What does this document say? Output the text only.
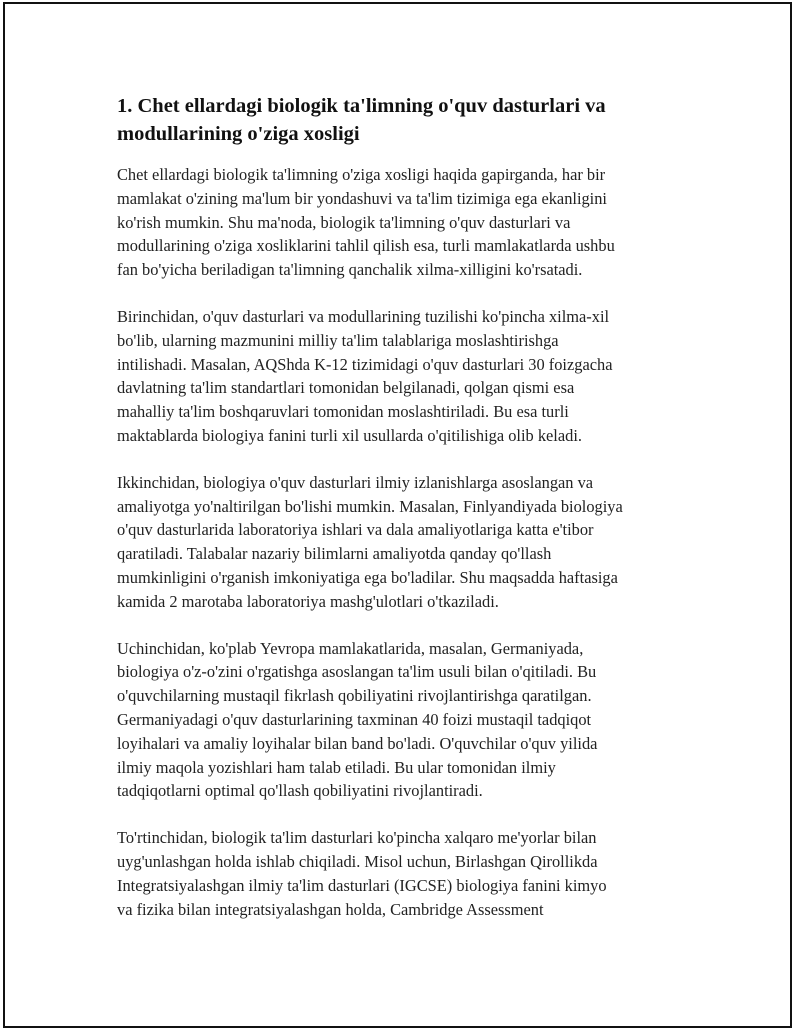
1. Chet ellardagi biologik ta'limning o'quv dasturlari va
modullarining o'ziga xosligi

Chet ellardagi biologik ta'limning o'ziga xosligi haqida gapirganda, har bir
mamlakat o'zining ma'lum bir yondashuvi va ta'lim tizimiga ega ekanligini
ko'rish mumkin. Shu ma'noda, biologik ta'limning o'quv dasturlari va
modullarining o'ziga xosliklarini tahlil qilish esa, turli mamlakatlarda ushbu
fan bo'yicha beriladigan ta'limning qanchalik xilma-xilligini ko'rsatadi.

Birinchidan, o'quv dasturlari va modullarining tuzilishi ko'pincha xilma-xil
bo'lib, ularning mazmunini milliy ta'lim talablariga moslashtirishga
intilishadi. Masalan, AQShda K-12 tizimidagi o'quv dasturlari 30 foizgacha
davlatning ta'lim standartlari tomonidan belgilanadi, qolgan qismi esa
mahalliy ta'lim boshqaruvlari tomonidan moslashtiriladi. Bu esa turli
maktablarda biologiya fanini turli xil usullarda o'qitilishiga olib keladi.

Ikkinchidan, biologiya o'quv dasturlari ilmiy izlanishlarga asoslangan va
amaliyotga yo'naltirilgan bo'lishi mumkin. Masalan, Finlyandiyada biologiya
o'quv dasturlarida laboratoriya ishlari va dala amaliyotlariga katta e'tibor
qaratiladi. Talabalar nazariy bilimlarni amaliyotda qanday qo'llash
mumkinligini o'rganish imkoniyatiga ega bo'ladilar. Shu maqsadda haftasiga
kamida 2 marotaba laboratoriya mashg'ulotlari o'tkaziladi.

Uchinchidan, ko'plab Yevropa mamlakatlarida, masalan, Germaniyada,
biologiya o'z-o'zini o'rgatishga asoslangan ta'lim usuli bilan o'qitiladi. Bu
o'quvchilarning mustaqil fikrlash qobiliyatini rivojlantirishga qaratilgan.
Germaniyadagi o'quv dasturlarining taxminan 40 foizi mustaqil tadqiqot
loyihalari va amaliy loyihalar bilan band bo'ladi. O'quvchilar o'quv yilida
ilmiy maqola yozishlari ham talab etiladi. Bu ular tomonidan ilmiy
tadqiqotlarni optimal qo'llash qobiliyatini rivojlantiradi.

To'rtinchidan, biologik ta'lim dasturlari ko'pincha xalqaro me'yorlar bilan
uyg'unlashgan holda ishlab chiqiladi. Misol uchun, Birlashgan Qirollikda
Integratsiyalashgan ilmiy ta'lim dasturlari (IGCSE) biologiya fanini kimyo
va fizika bilan integratsiyalashgan holda, Cambridge Assessment
